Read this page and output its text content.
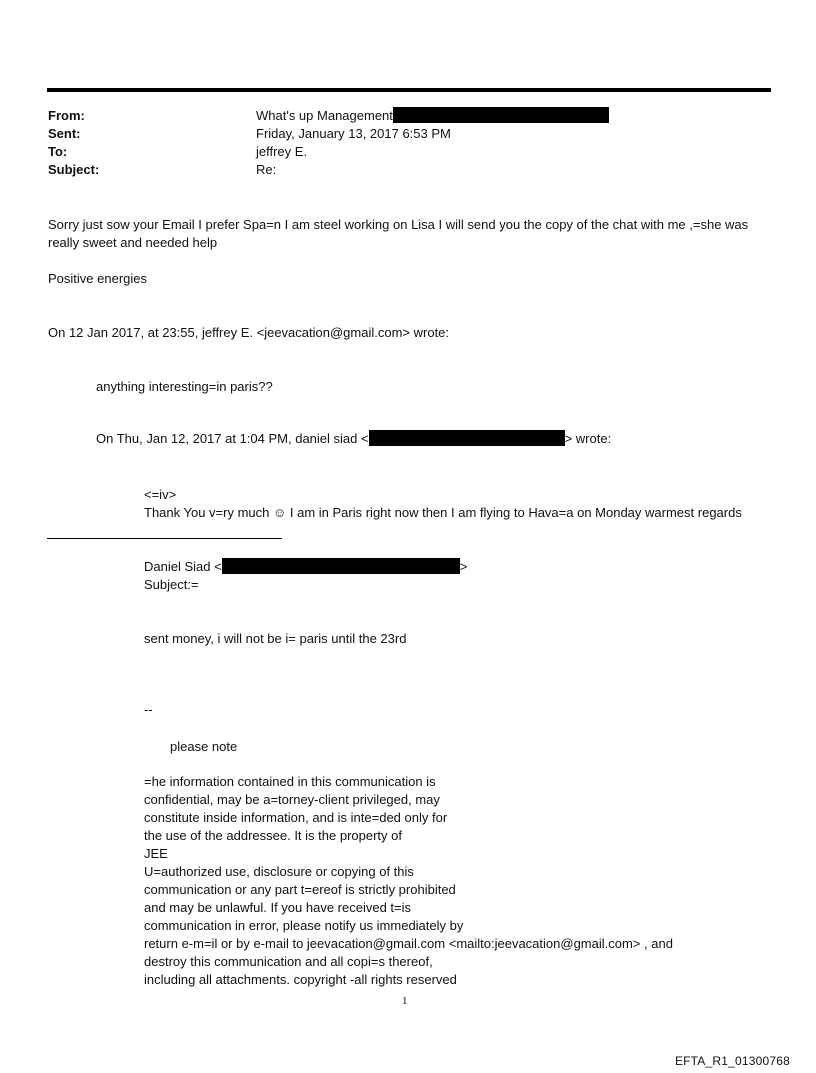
From:	What's up Management
Sent:	Friday, January 13, 2017 6:53 PM
To:	jeffrey E.
Subject:	Re:
Sorry just sow your Email I prefer Spa=n I am steel working on Lisa I will send you the copy of the chat with me ,=she was
really sweet and needed help
Positive energies
On 12 Jan 2017, at 23:55, jeffrey E. <jeevacation@gmail.com> wrote:
anything interesting=in paris??
On Thu, Jan 12, 2017 at 1:04 PM, daniel siad <	> wrote:
<=iv>
Thank You v=ry much ☺ I am in Paris right now then I am flying to Hava=a on Monday warmest regards
Daniel Siad <	>
Subject:=
sent money, i will not be i= paris until the 23rd
--
please note
=he information contained in this communication is
confidential, may be a=torney-client privileged, may
constitute inside information, and is inte=ded only for
the use of the addressee. It is the property of
JEE
U=authorized use, disclosure or copying of this
communication or any part t=ereof is strictly prohibited
and may be unlawful. If you have received t=is
communication in error, please notify us immediately by
return e-m=il or by e-mail to jeevacation@gmail.com <mailto:jeevacation@gmail.com> , and
destroy this communication and all copi=s thereof,
including all attachments. copyright -all rights reserved
1
EFTA_R1_01300768
